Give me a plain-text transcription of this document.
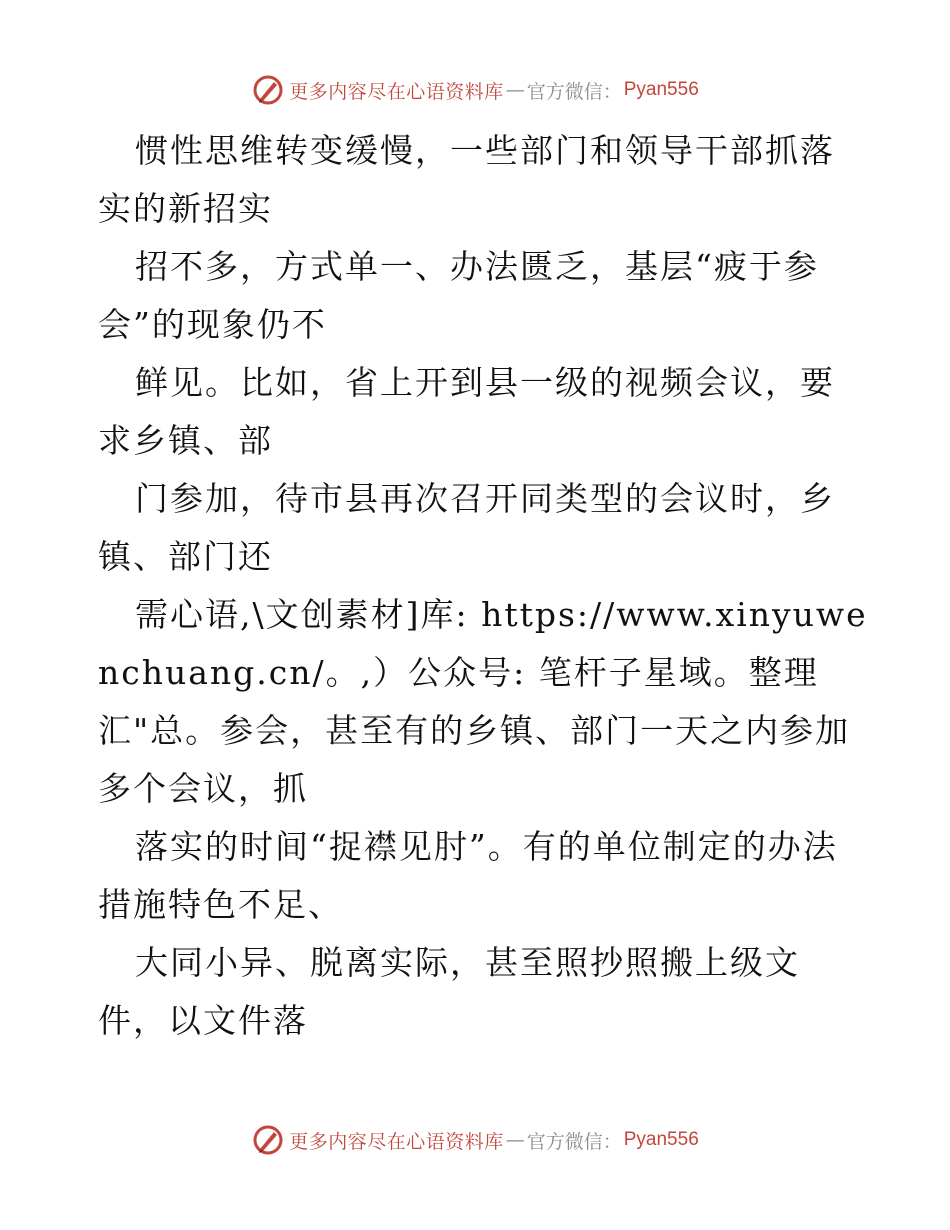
更多内容尽在心语资料库 — 官方微信： Pyan556

惯性思维转变缓慢，一些部门和领导干部抓落实的新招实

招不多，方式单一、办法匮乏，基层“疲于参会”的现象仍不

鲜见。比如，省上开到县一级的视频会议，要求乡镇、部

门参加，待市县再次召开同类型的会议时，乡镇、部门还

需心语,\文创素材]库: https://www.xinyuwenchuang.cn/。,）公众号: 笔杆子星域。整理汇"总。参会，甚至有的乡镇、部门一天之内参加多个会议，抓

落实的时间“捉襟见肘”。有的单位制定的办法措施特色不足、

大同小异、脱离实际，甚至照抄照搬上级文件，以文件落

更多内容尽在心语资料库 — 官方微信： Pyan556
